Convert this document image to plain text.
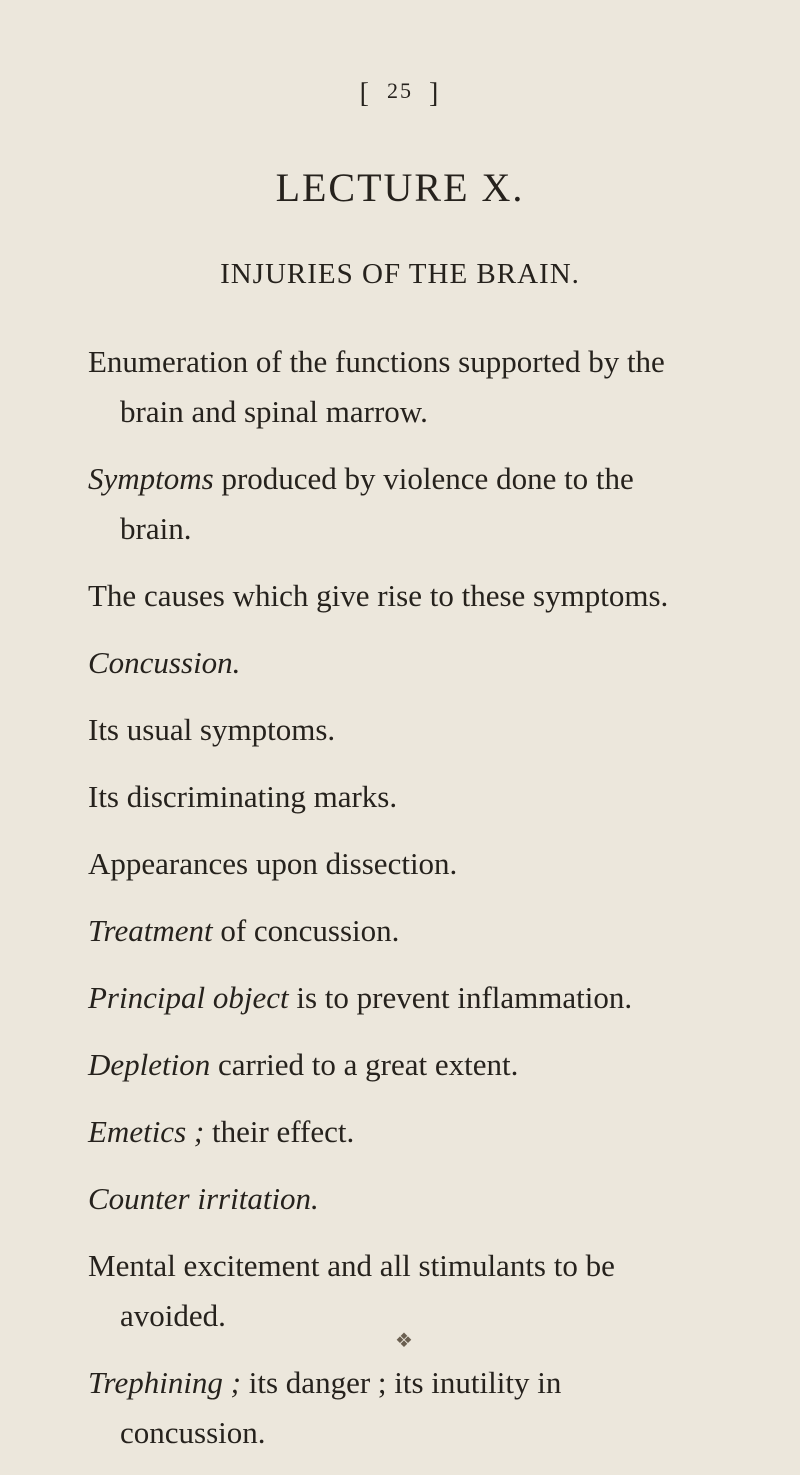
[ 25 ]
LECTURE X.
INJURIES OF THE BRAIN.
Enumeration of the functions supported by the brain and spinal marrow.
Symptoms produced by violence done to the brain.
The causes which give rise to these symptoms.
Concussion.
Its usual symptoms.
Its discriminating marks.
Appearances upon dissection.
Treatment of concussion.
Principal object is to prevent inflammation.
Depletion carried to a great extent.
Emetics ; their effect.
Counter irritation.
Mental excitement and all stimulants to be avoided.
Trephining ; its danger ; its inutility in concussion.
❖
